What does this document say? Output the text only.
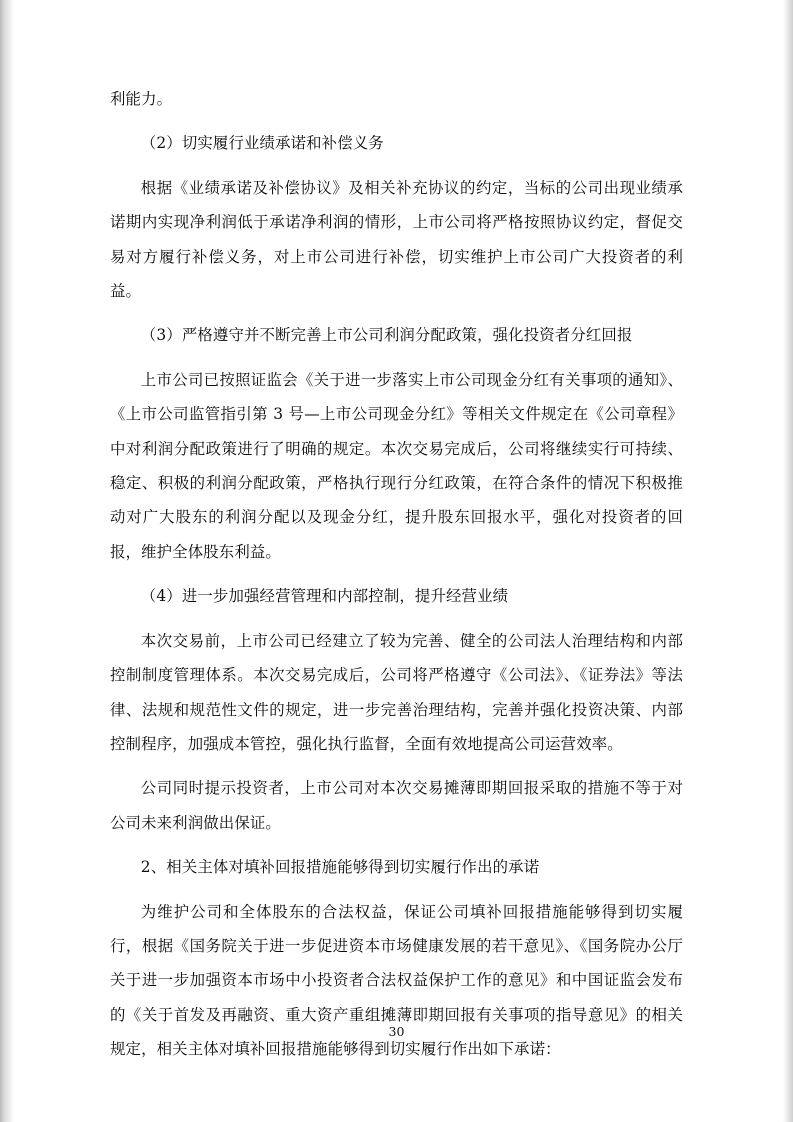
利能力。

（2）切实履行业绩承诺和补偿义务

根据《业绩承诺及补偿协议》及相关补充协议的约定，当标的公司出现业绩承诺期内实现净利润低于承诺净利润的情形，上市公司将严格按照协议约定，督促交易对方履行补偿义务，对上市公司进行补偿，切实维护上市公司广大投资者的利益。

（3）严格遵守并不断完善上市公司利润分配政策，强化投资者分红回报

上市公司已按照证监会《关于进一步落实上市公司现金分红有关事项的通知》、《上市公司监管指引第 3 号—上市公司现金分红》等相关文件规定在《公司章程》中对利润分配政策进行了明确的规定。本次交易完成后，公司将继续实行可持续、稳定、积极的利润分配政策，严格执行现行分红政策，在符合条件的情况下积极推动对广大股东的利润分配以及现金分红，提升股东回报水平，强化对投资者的回报，维护全体股东利益。

（4）进一步加强经营管理和内部控制，提升经营业绩

本次交易前，上市公司已经建立了较为完善、健全的公司法人治理结构和内部控制制度管理体系。本次交易完成后，公司将严格遵守《公司法》、《证券法》等法律、法规和规范性文件的规定，进一步完善治理结构，完善并强化投资决策、内部控制程序，加强成本管控，强化执行监督，全面有效地提高公司运营效率。

公司同时提示投资者，上市公司对本次交易摊薄即期回报采取的措施不等于对公司未来利润做出保证。

2、相关主体对填补回报措施能够得到切实履行作出的承诺

为维护公司和全体股东的合法权益，保证公司填补回报措施能够得到切实履行，根据《国务院关于进一步促进资本市场健康发展的若干意见》、《国务院办公厅关于进一步加强资本市场中小投资者合法权益保护工作的意见》和中国证监会发布的《关于首发及再融资、重大资产重组摊薄即期回报有关事项的指导意见》的相关规定，相关主体对填补回报措施能够得到切实履行作出如下承诺：

30
